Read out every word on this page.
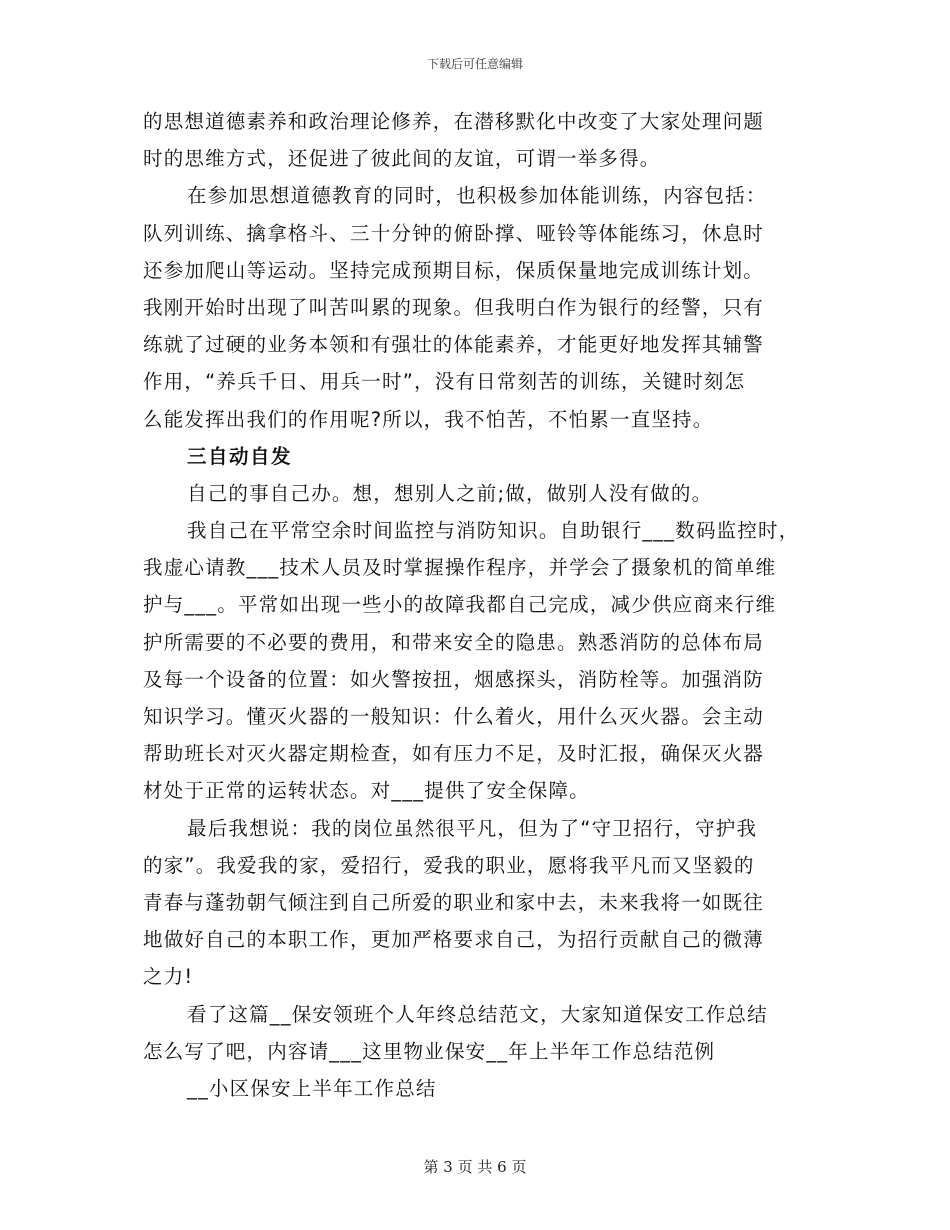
下载后可任意编辑
的思想道德素养和政治理论修养，在潜移默化中改变了大家处理问题
时的思维方式，还促进了彼此间的友谊，可谓一举多得。
在参加思想道德教育的同时，也积极参加体能训练，内容包括：
队列训练、擒拿格斗、三十分钟的俯卧撑、哑铃等体能练习，休息时
还参加爬山等运动。坚持完成预期目标，保质保量地完成训练计划。
我刚开始时出现了叫苦叫累的现象。但我明白作为银行的经警，只有
练就了过硬的业务本领和有强壮的体能素养，才能更好地发挥其辅警
作用，“养兵千日、用兵一时”，没有日常刻苦的训练，关键时刻怎
么能发挥出我们的作用呢?所以，我不怕苦，不怕累一直坚持。
三自动自发
自己的事自己办。想，想别人之前;做，做别人没有做的。
我自己在平常空余时间监控与消防知识。自助银行___数码监控时，
我虚心请教___技术人员及时掌握操作程序，并学会了摄象机的简单维
护与___。平常如出现一些小的故障我都自己完成，减少供应商来行维
护所需要的不必要的费用，和带来安全的隐患。熟悉消防的总体布局
及每一个设备的位置：如火警按扭，烟感探头，消防栓等。加强消防
知识学习。懂灭火器的一般知识：什么着火，用什么灭火器。会主动
帮助班长对灭火器定期检查，如有压力不足，及时汇报，确保灭火器
材处于正常的运转状态。对___提供了安全保障。
最后我想说：我的岗位虽然很平凡，但为了“守卫招行，守护我
的家”。我爱我的家，爱招行，爱我的职业，愿将我平凡而又坚毅的
青春与蓬勃朝气倾注到自己所爱的职业和家中去，未来我将一如既往
地做好自己的本职工作，更加严格要求自己，为招行贡献自己的微薄
之力!
看了这篇__保安领班个人年终总结范文，大家知道保安工作总结
怎么写了吧，内容请___这里物业保安__年上半年工作总结范例
__小区保安上半年工作总结
第 3 页 共 6 页
